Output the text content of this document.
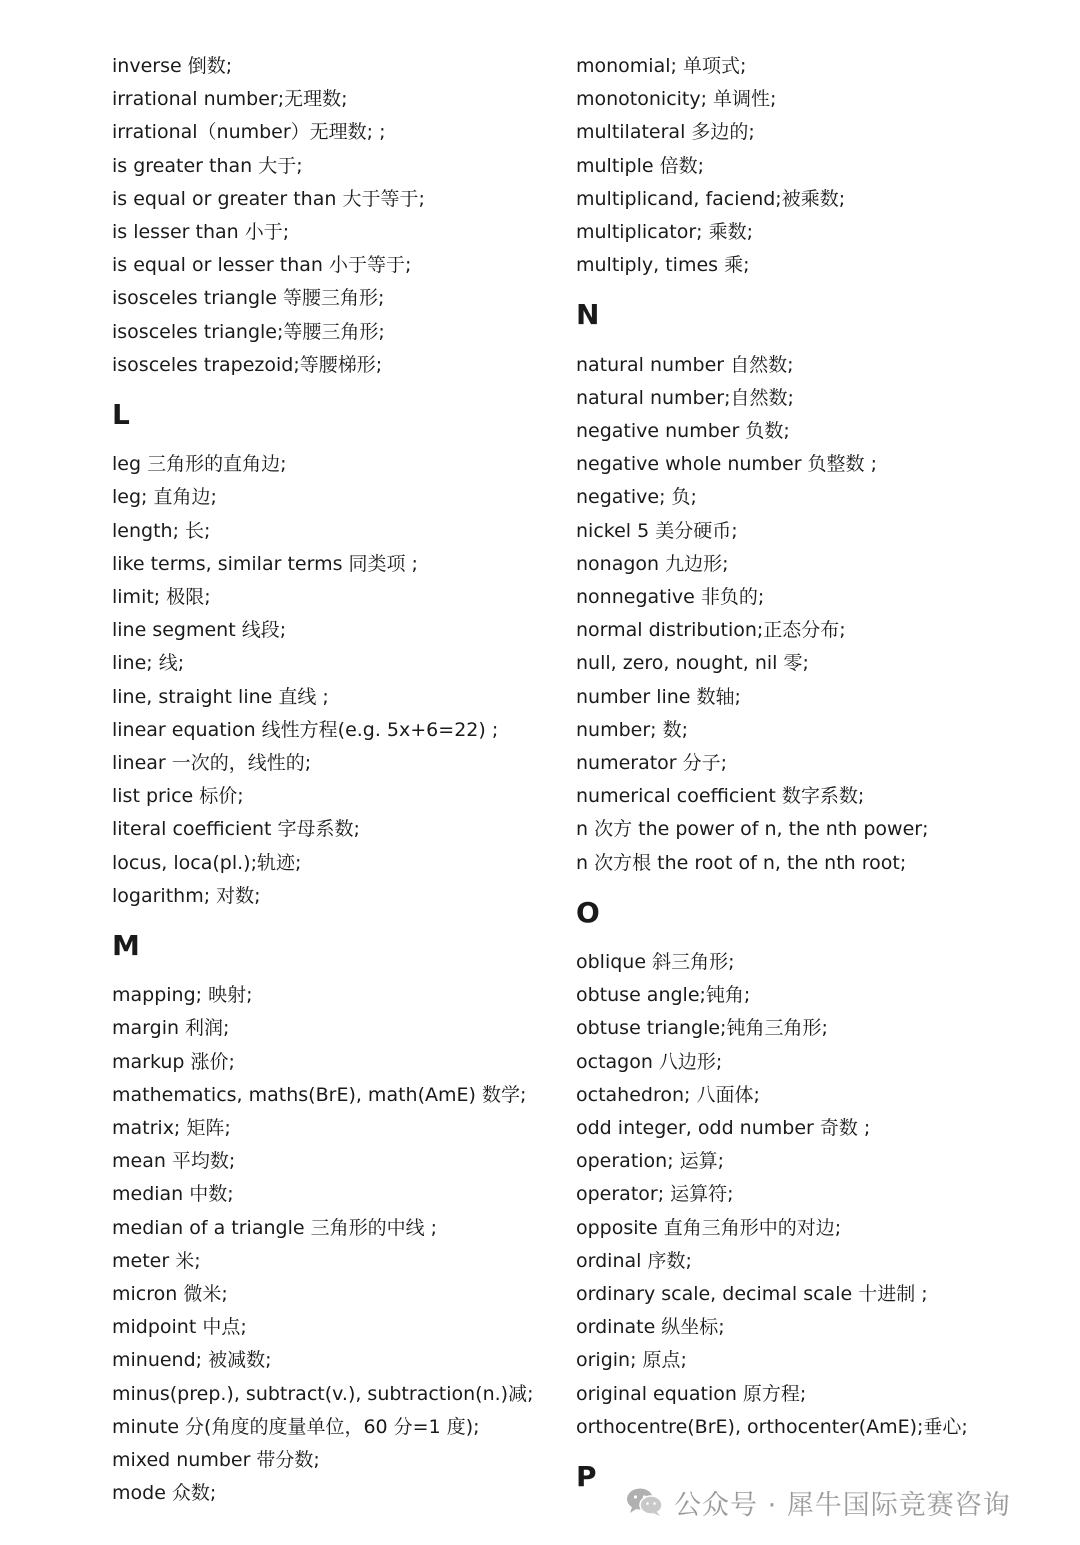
inverse 倒数;
irrational number;无理数;
irrational（number）无理数; ;
is greater than 大于;
is equal or greater than 大于等于;
is lesser than 小于;
is equal or lesser than 小于等于;
isosceles triangle 等腰三角形;
isosceles triangle;等腰三角形;
isosceles trapezoid;等腰梯形;
L
leg 三角形的直角边;
leg; 直角边;
length; 长;
like terms, similar terms 同类项 ;
limit; 极限;
line segment 线段;
line; 线;
line, straight line 直线 ;
linear equation 线性方程(e.g. 5x+6=22) ;
linear 一次的，线性的;
list price 标价;
literal coefficient 字母系数;
locus, loca(pl.);轨迹;
logarithm; 对数;
M
mapping; 映射;
margin 利润;
markup 涨价;
mathematics, maths(BrE), math(AmE) 数学;
matrix; 矩阵;
mean 平均数;
median 中数;
median of a triangle 三角形的中线 ;
meter 米;
micron 微米;
midpoint 中点;
minuend; 被减数;
minus(prep.), subtract(v.), subtraction(n.)减;
minute 分(角度的度量单位，60 分=1 度);
mixed number 带分数;
mode 众数;
monomial; 单项式;
monotonicity; 单调性;
multilateral 多边的;
multiple 倍数;
multiplicand, faciend;被乘数;
multiplicator; 乘数;
multiply, times 乘;
N
natural number 自然数;
natural number;自然数;
negative number 负数;
negative whole number 负整数 ;
negative; 负;
nickel 5 美分硬币;
nonagon 九边形;
nonnegative 非负的;
normal distribution;正态分布;
null, zero, nought, nil 零;
number line 数轴;
number; 数;
numerator 分子;
numerical coefficient 数字系数;
n 次方 the power of n, the nth power;
n 次方根 the root of n, the nth root;
O
oblique 斜三角形;
obtuse angle;钝角;
obtuse triangle;钝角三角形;
octagon 八边形;
octahedron; 八面体;
odd integer, odd number 奇数 ;
operation; 运算;
operator; 运算符;
opposite 直角三角形中的对边;
ordinal 序数;
ordinary scale, decimal scale 十进制 ;
ordinate 纵坐标;
origin; 原点;
original equation 原方程;
orthocentre(BrE), orthocenter(AmE);垂心;
P
公众号 · 犀牛国际竞赛咨询
